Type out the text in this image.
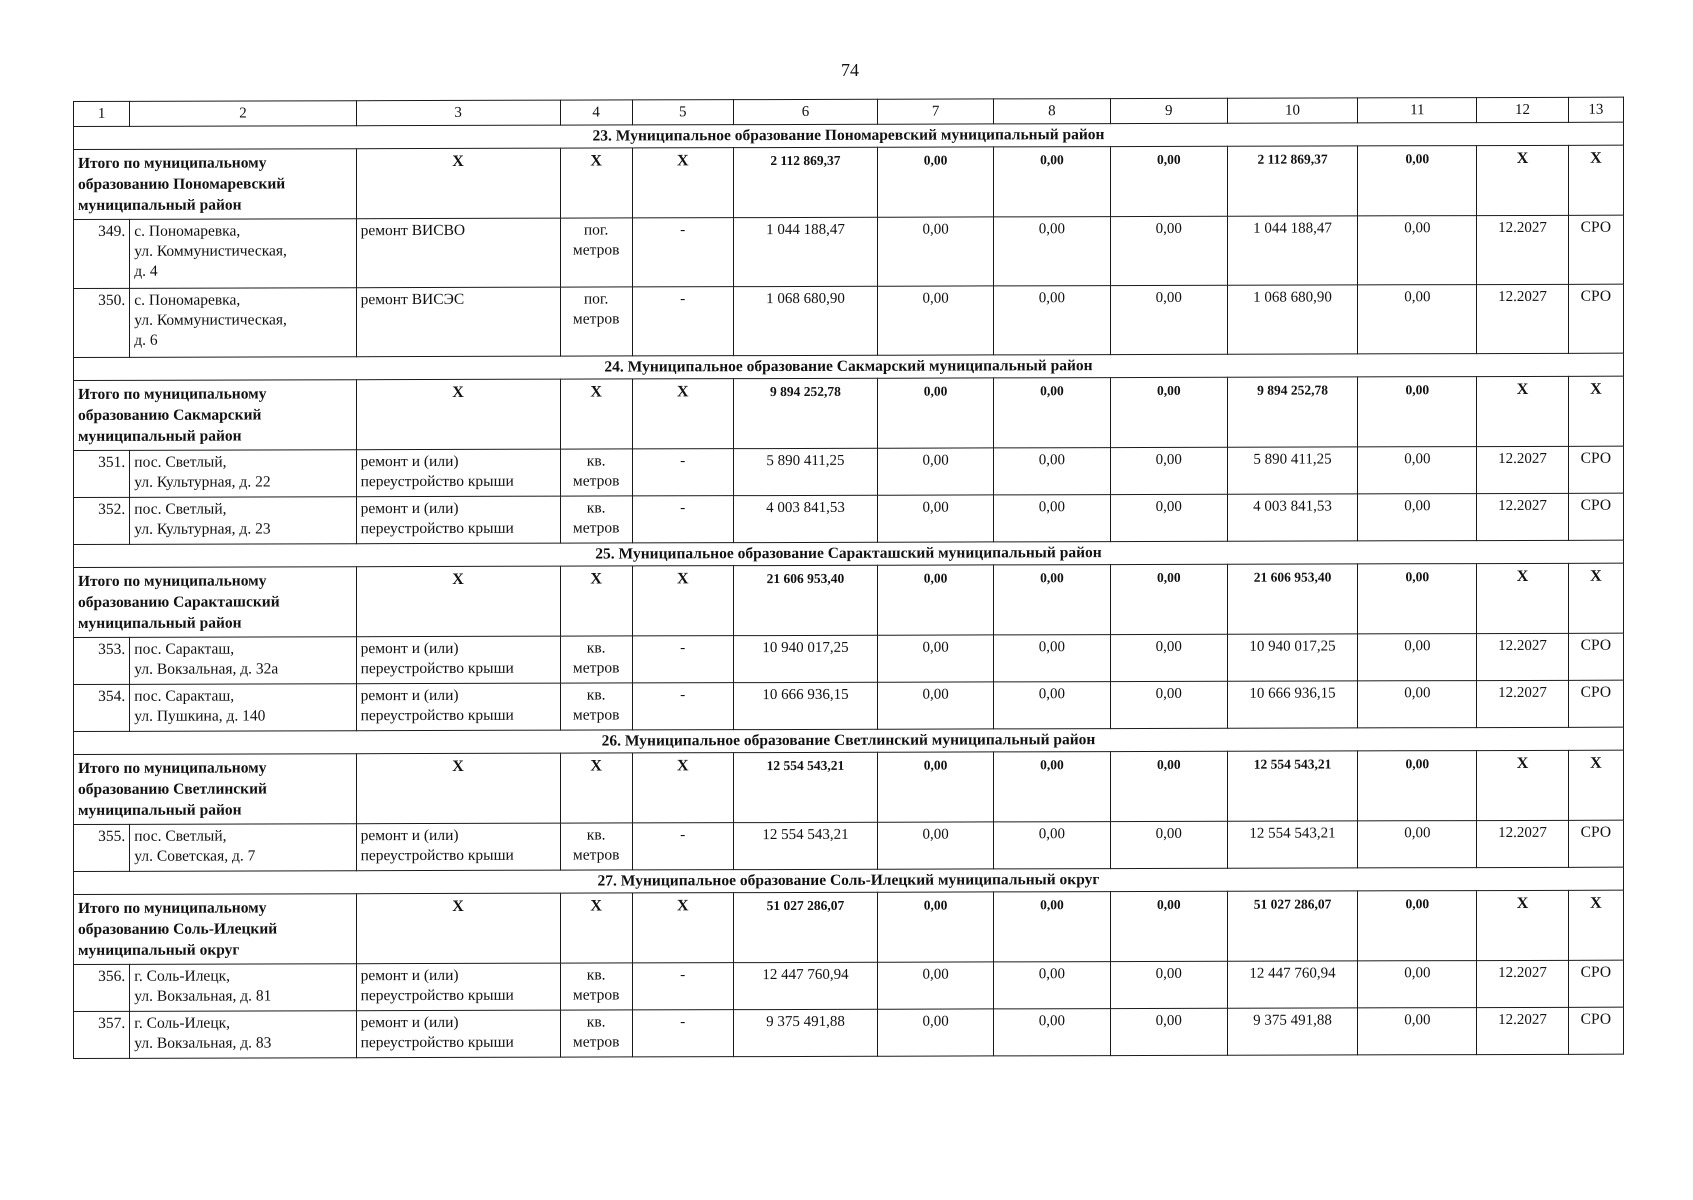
74
1	2	3	4	5	6	7	8	9	10	11	12	13
23. Муниципальное образование Пономаревский муниципальный район												

Итого по муниципальному
образованию Пономаревский
муниципальный район		X	X	X	2 112 869,37	0,00	0,00	0,00	2 112 869,37	0,00	X	X
349.	с. Пономаревка,
ул. Коммунистическая,
д. 4	ремонт ВИСВО	пог.
метров	-	1 044 188,47	0,00	0,00	0,00	1 044 188,47	0,00	12.2027	СРО
350.	с. Пономаревка,
ул. Коммунистическая,
д. 6	ремонт ВИСЭС	пог.
метров	-	1 068 680,90	0,00	0,00	0,00	1 068 680,90	0,00	12.2027	СРО
24. Муниципальное образование Сакмарский муниципальный район												

Итого по муниципальному
образованию Сакмарский
муниципальный район		X	X	X	9 894 252,78	0,00	0,00	0,00	9 894 252,78	0,00	X	X
351.	пос. Светлый,
ул. Культурная, д. 22	ремонт и (или)
переустройство крыши	кв.
метров	-	5 890 411,25	0,00	0,00	0,00	5 890 411,25	0,00	12.2027	СРО
352.	пос. Светлый,
ул. Культурная, д. 23	ремонт и (или)
переустройство крыши	кв.
метров	-	4 003 841,53	0,00	0,00	0,00	4 003 841,53	0,00	12.2027	СРО
25. Муниципальное образование Саракташский муниципальный район												

Итого по муниципальному
образованию Саракташский
муниципальный район		X	X	X	21 606 953,40	0,00	0,00	0,00	21 606 953,40	0,00	X	X
353.	пос. Саракташ,
ул. Вокзальная, д. 32а	ремонт и (или)
переустройство крыши	кв.
метров	-	10 940 017,25	0,00	0,00	0,00	10 940 017,25	0,00	12.2027	СРО
354.	пос. Саракташ,
ул. Пушкина, д. 140	ремонт и (или)
переустройство крыши	кв.
метров	-	10 666 936,15	0,00	0,00	0,00	10 666 936,15	0,00	12.2027	СРО
26. Муниципальное образование Светлинский муниципальный район												

Итого по муниципальному
образованию Светлинский
муниципальный район		X	X	X	12 554 543,21	0,00	0,00	0,00	12 554 543,21	0,00	X	X
355.	пос. Светлый,
ул. Советская, д. 7	ремонт и (или)
переустройство крыши	кв.
метров	-	12 554 543,21	0,00	0,00	0,00	12 554 543,21	0,00	12.2027	СРО
27. Муниципальное образование Соль-Илецкий муниципальный округ												

Итого по муниципальному
образованию Соль-Илецкий
муниципальный округ		X	X	X	51 027 286,07	0,00	0,00	0,00	51 027 286,07	0,00	X	X
356.	г. Соль-Илецк,
ул. Вокзальная, д. 81	ремонт и (или)
переустройство крыши	кв.
метров	-	12 447 760,94	0,00	0,00	0,00	12 447 760,94	0,00	12.2027	СРО
357.	г. Соль-Илецк,
ул. Вокзальная, д. 83	ремонт и (или)
переустройство крыши	кв.
метров	-	9 375 491,88	0,00	0,00	0,00	9 375 491,88	0,00	12.2027	СРО
